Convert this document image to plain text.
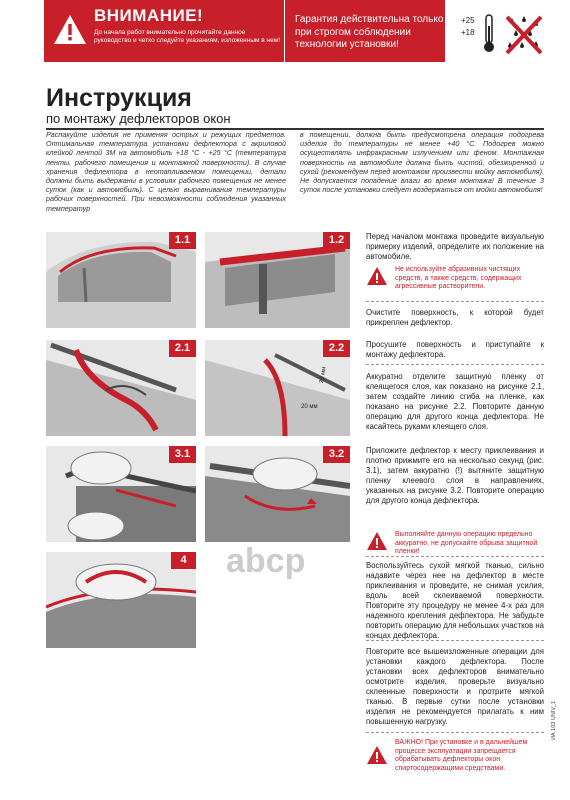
ВНИМАНИЕ!
До начала работ внимательно прочитайте данное руководство и четко следуйте указаниям, изложенным в нем!
Гарантия действительна только при строгом соблюдении технологии установки!
+25
+18
Инструкция
по монтажу дефлекторов окон
Распакуйте изделия не применяя острых и режущих предметов. Оптимальная температура установки дефлектора с акриловой клейкой лентой 3М на автомобиль +18 °С - +25 °С (температура ленты, рабочего помещения и монтажной поверхности). В случае хранения дефлектора в неотапливаемом помещении, детали должны быть выдержаны в условиях рабочего помещения не менее суток (как и автомобиль). С целью выравнивания температуры рабочих поверхностей. При невозможности соблюдения указанных температур
в помещении, должна быть предусмотрена операция подогрева изделия до температуры не менее +40 °С. Подогрев можно осуществлять инфракрасным излучением или феном. Монтажная поверхность на автомобиле должна быть чистой, обезжиренной и сухой (рекомендуем перед монтажом произвести мойку автомобиля). Не допускается попадение влаги во время монтажа! В течение 3 суток после установки следует воздержаться от мойки автомобиля!
1.1	1.2
2.1
20 мм
20 мм
2.2
3.1	3.2
4 abcp
Перед началом монтажа проведите визуальную примерку изделий, определите их положение на автомобиле.
Не используйте абразивных чистящих средств, а также средств, содержащих агрессивные растворители.
Очистите поверхность, к которой будет прикреплен дефлектор.
Просушите поверхность и приступайте к монтажу дефлектора.
Аккуратно отделите защитную пленку от клеящегося слоя, как показано на рисунке 2.1, затем создайте линию сгиба на пленке, как показано на рисунке 2.2. Повторите данную операцию для другого конца дефлектора. Не касайтесь руками клеящего слоя.
Приложите дефлектор к месту приклеивания и плотно прижмите его на несколько секунд (рис. 3.1), затем аккуратно (!) вытяните защитную пленку клеевого слоя в направлениях, указанных на рисунке 3.2. Повторите операцию для другого конца дефлектора.
Выполняйте данную операцию предельно аккуратно, не допускайте обрыва защитной пленки!
Воспользуйтесь сухой мягкой тканью, сильно надавите через нее на дефлектор в месте приклеивания и проведите, не снимая усилия, вдоль всей склеиваемой поверхности. Повторите эту процедуру не менее 4-х раз для надежного крепления дефлектора. Не забудьте повторить операцию для небольших участков на концах дефлектора.
Повторите все вышеизложенные операции для установки каждого дефлектора. После установки всех дефлекторов внимательно осмотрите изделия, проверьте визуально склеенные поверхности и протрите мягкой тканью. В первые сутки после установки изделия не рекомендуется прилагать к ним повышенную нагрузку.
ВАЖНО! При установке и в дальнейшем процессе эксплуатации запрещается обрабатывать дефлекторы окон спиртосодержащими средствами.
ИА 103 UNIV_1
